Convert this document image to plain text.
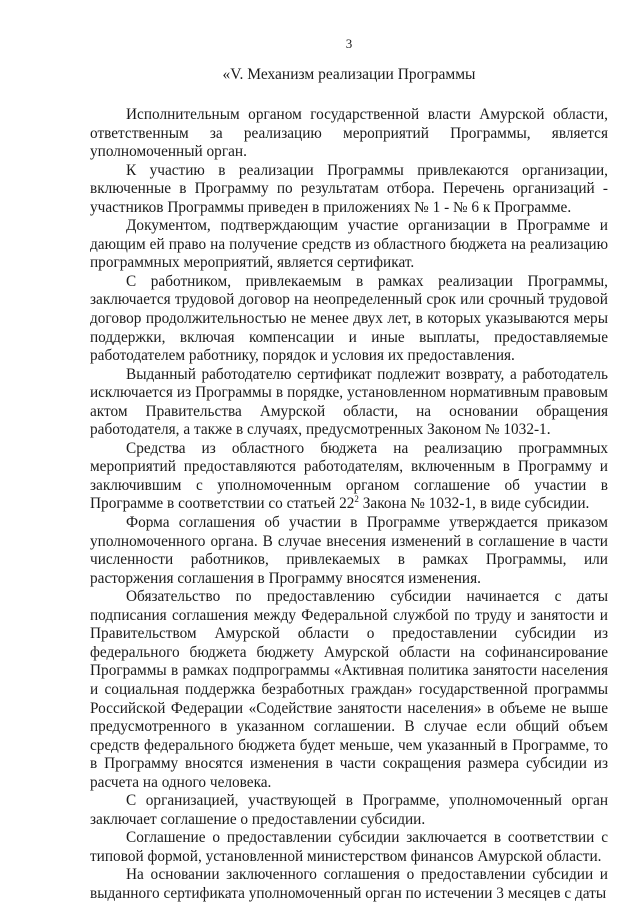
3
«V. Механизм реализации Программы

Исполнительным органом государственной власти Амурской области, ответственным за реализацию мероприятий Программы, является уполномоченный орган.

К участию в реализации Программы привлекаются организации, включенные в Программу по результатам отбора. Перечень организаций - участников Программы приведен в приложениях № 1 - № 6 к Программе.

Документом, подтверждающим участие организации в Программе и дающим ей право на получение средств из областного бюджета на реализацию программных мероприятий, является сертификат.

С работником, привлекаемым в рамках реализации Программы, заключается трудовой договор на неопределенный срок или срочный трудовой договор продолжительностью не менее двух лет, в которых указываются меры поддержки, включая компенсации и иные выплаты, предоставляемые работодателем работнику, порядок и условия их предоставления.

Выданный работодателю сертификат подлежит возврату, а работодатель исключается из Программы в порядке, установленном нормативным правовым актом Правительства Амурской области, на основании обращения работодателя, а также в случаях, предусмотренных Законом № 1032-1.

Средства из областного бюджета на реализацию программных мероприятий предоставляются работодателям, включенным в Программу и заключившим с уполномоченным органом соглашение об участии в Программе в соответствии со статьей $22^2$ Закона № 1032-1, в виде субсидии.

Форма соглашения об участии в Программе утверждается приказом уполномоченного органа. В случае внесения изменений в соглашение в части численности работников, привлекаемых в рамках Программы, или расторжения соглашения в Программу вносятся изменения.

Обязательство по предоставлению субсидии начинается с даты подписания соглашения между Федеральной службой по труду и занятости и Правительством Амурской области о предоставлении субсидии из федерального бюджета бюджету Амурской области на софинансирование Программы в рамках подпрограммы «Активная политика занятости населения и социальная поддержка безработных граждан» государственной программы Российской Федерации «Содействие занятости населения» в объеме не выше предусмотренного в указанном соглашении. В случае если общий объем средств федерального бюджета будет меньше, чем указанный в Программе, то в Программу вносятся изменения в части сокращения размера субсидии из расчета на одного человека.

С организацией, участвующей в Программе, уполномоченный орган заключает соглашение о предоставлении субсидии.

Соглашение о предоставлении субсидии заключается в соответствии с типовой формой, установленной министерством финансов Амурской области.

На основании заключенного соглашения о предоставлении субсидии и выданного сертификата уполномоченный орган по истечении 3 месяцев с даты
